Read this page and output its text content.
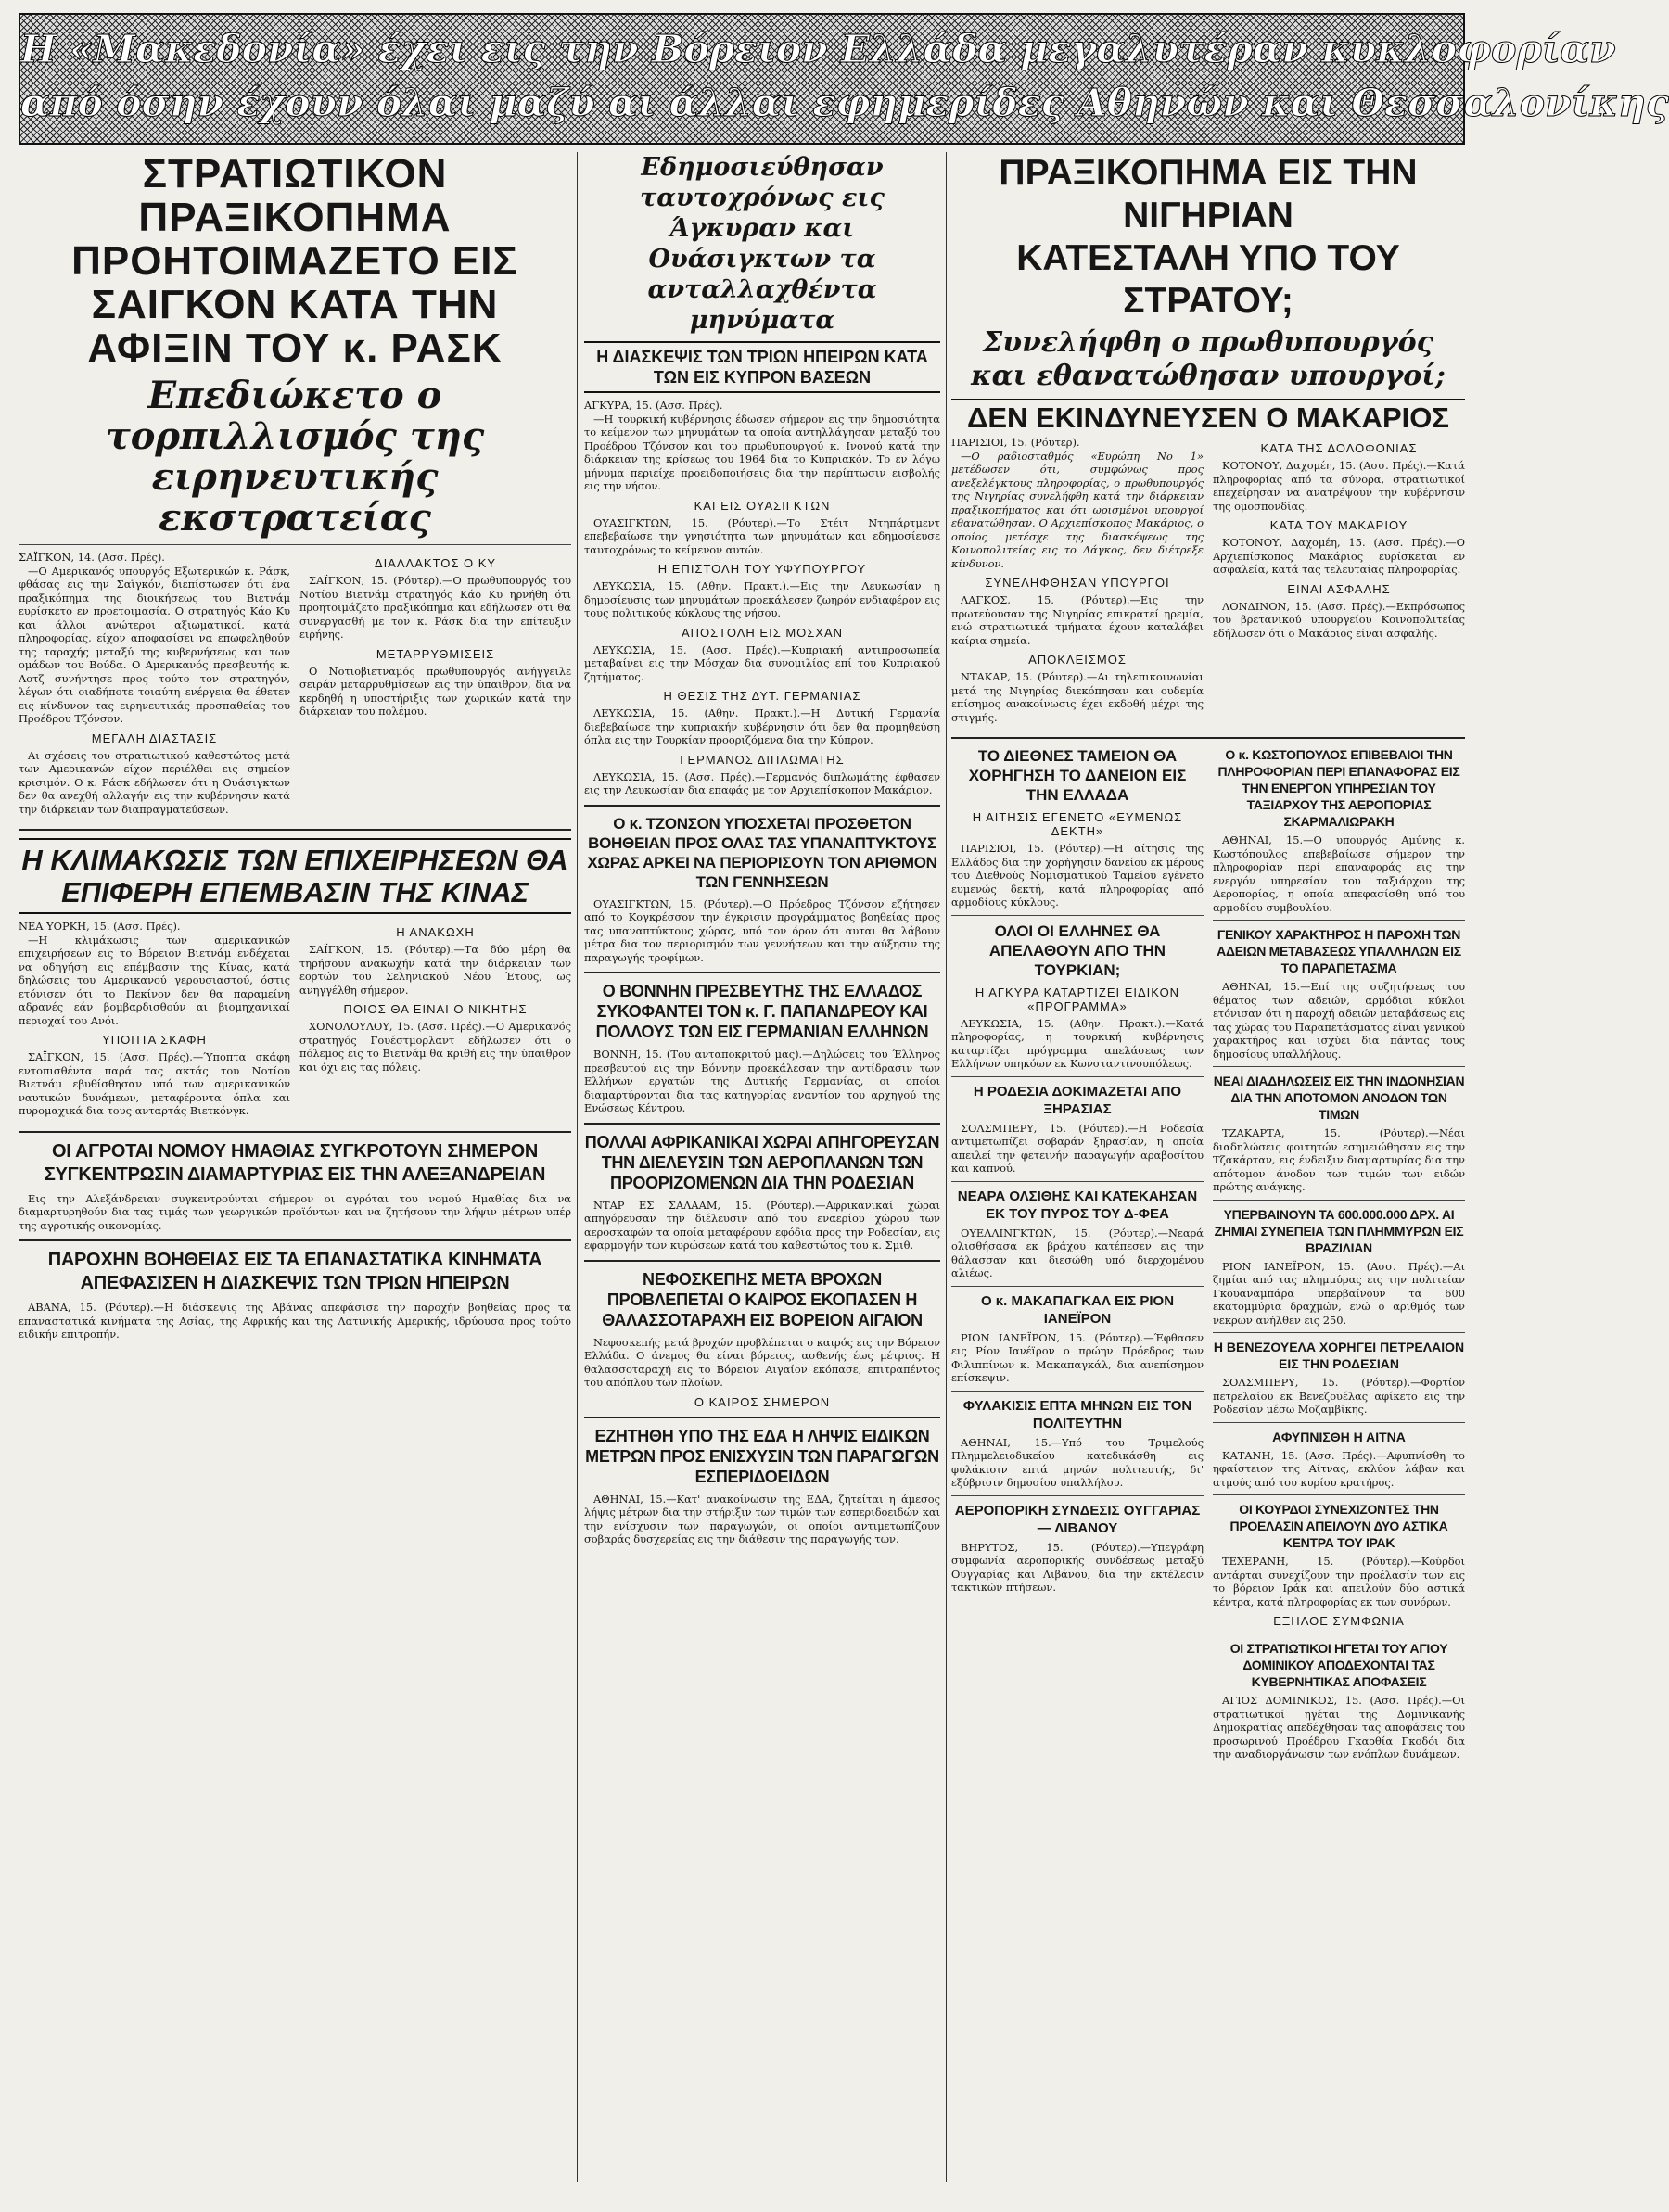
Η «Μακεδονία» έχει εις την Βόρειον Ελλάδα μεγαλυτέραν κυκλοφορίαν
από όσην έχουν όλαι μαζύ αι άλλαι εφημερίδες Αθηνών και Θεσσαλονίκης
ΣΤΡΑΤΙΩΤΙΚΟΝ ΠΡΑΞΙΚΟΠΗΜΑ ΠΡΟΗΤΟΙΜΑΖΕΤΟ ΕΙΣ ΣΑΙΓΚΟΝ ΚΑΤΑ ΤΗΝ ΑΦΙΞΙΝ ΤΟΥ κ. ΡΑΣΚ
Επεδιώκετο ο τορπιλλισμός της ειρηνευτικής εκστρατείας

ΣΑΪΓΚΟΝ, 14. (Ασσ. Πρές).

—Ο Αμερικανός υπουργός Εξωτερικών κ. Ράσκ, φθάσας εις την Σαϊγκόν, διεπίστωσεν ότι ένα πραξικόπημα της διοικήσεως του Βιετνάμ ευρίσκετο εν προετοιμασία. Ο στρατηγός Κάο Κυ και άλλοι ανώτεροι αξιωματικοί, κατά πληροφορίας, είχον αποφασίσει να επωφεληθούν της ταραχής μεταξύ της κυβερνήσεως και των ομάδων του Βούδα. Ο Αμερικανός πρεσβευτής κ. Λοτζ συνήντησε προς τούτο τον στρατηγόν, λέγων ότι οιαδήποτε τοιαύτη ενέργεια θα έθετεν εις κίνδυνον τας ειρηνευτικάς προσπαθείας του Προέδρου Τζόνσον.

ΜΕΓΑΛΗ ΔΙΑΣΤΑΣΙΣ

Αι σχέσεις του στρατιωτικού καθεστώτος μετά των Αμερικανών είχον περιέλθει εις σημείον κρισιμόν. Ο κ. Ράσκ εδήλωσεν ότι η Ουάσιγκτων δεν θα ανεχθή αλλαγήν εις την κυβέρνησιν κατά την διάρκειαν των διαπραγματεύσεων.

ΔΙΑΛΛΑΚΤΟΣ Ο ΚΥ

ΣΑΪΓΚΟΝ, 15. (Ρόυτερ).—Ο πρωθυπουργός του Νοτίου Βιετνάμ στρατηγός Κάο Κυ ηρνήθη ότι προητοιμάζετο πραξικόπημα και εδήλωσεν ότι θα συνεργασθή με τον κ. Ράσκ δια την επίτευξιν ειρήνης.

ΜΕΤΑΡΡΥΘΜΙΣΕΙΣ

Ο Νοτιοβιετναμός πρωθυπουργός ανήγγειλε σειράν μεταρρυθμίσεων εις την ύπαιθρον, δια να κερδηθή η υποστήριξις των χωρικών κατά την διάρκειαν του πολέμου.

Η ΚΛΙΜΑΚΩΣΙΣ ΤΩΝ ΕΠΙΧΕΙΡΗΣΕΩΝ ΘΑ ΕΠΙΦΕΡΗ ΕΠΕΜΒΑΣΙΝ ΤΗΣ ΚΙΝΑΣ

ΝΕΑ ΥΟΡΚΗ, 15. (Ασσ. Πρές).

—Η κλιμάκωσις των αμερικανικών επιχειρήσεων εις το Βόρειον Βιετνάμ ενδέχεται να οδηγήση εις επέμβασιν της Κίνας, κατά δηλώσεις του Αμερικανού γερουσιαστού, όστις ετόνισεν ότι το Πεκίνον δεν θα παραμείνη αδρανές εάν βομβαρδισθούν αι βιομηχανικαί περιοχαί του Ανόι.

ΥΠΟΠΤΑ ΣΚΑΦΗ

ΣΑΪΓΚΟΝ, 15. (Ασσ. Πρές).—Ύποπτα σκάφη εντοπισθέντα παρά τας ακτάς του Νοτίου Βιετνάμ εβυθίσθησαν υπό των αμερικανικών ναυτικών δυνάμεων, μεταφέροντα όπλα και πυρομαχικά δια τους ανταρτάς Βιετκόνγκ.

Η ΑΝΑΚΩΧΗ

ΣΑΪΓΚΟΝ, 15. (Ρόυτερ).—Τα δύο μέρη θα τηρήσουν ανακωχήν κατά την διάρκειαν των εορτών του Σεληνιακού Νέου Έτους, ως ανηγγέλθη σήμερον.

ΠΟΙΟΣ ΘΑ ΕΙΝΑΙ Ο ΝΙΚΗΤΗΣ

ΧΟΝΟΛΟΥΛΟΥ, 15. (Ασσ. Πρές).—Ο Αμερικανός στρατηγός Γουέστμορλαντ εδήλωσεν ότι ο πόλεμος εις το Βιετνάμ θα κριθή εις την ύπαιθρον και όχι εις τας πόλεις.

ΟΙ ΑΓΡΟΤΑΙ ΝΟΜΟΥ ΗΜΑΘΙΑΣ ΣΥΓΚΡΟΤΟΥΝ ΣΗΜΕΡΟΝ ΣΥΓΚΕΝΤΡΩΣΙΝ ΔΙΑΜΑΡΤΥΡΙΑΣ ΕΙΣ ΤΗΝ ΑΛΕΞΑΝΔΡΕΙΑΝ

Εις την Αλεξάνδρειαν συγκεντρούνται σήμερον οι αγρόται του νομού Ημαθίας δια να διαμαρτυρηθούν δια τας τιμάς των γεωργικών προϊόντων και να ζητήσουν την λήψιν μέτρων υπέρ της αγροτικής οικονομίας.

ΠΑΡΟΧΗΝ ΒΟΗΘΕΙΑΣ ΕΙΣ ΤΑ ΕΠΑΝΑΣΤΑΤΙΚΑ ΚΙΝΗΜΑΤΑ ΑΠΕΦΑΣΙΣΕΝ Η ΔΙΑΣΚΕΨΙΣ ΤΩΝ ΤΡΙΩΝ ΗΠΕΙΡΩΝ

ΑΒΑΝΑ, 15. (Ρόυτερ).—Η διάσκεψις της Αβάνας απεφάσισε την παροχήν βοηθείας προς τα επαναστατικά κινήματα της Ασίας, της Αφρικής και της Λατινικής Αμερικής, ιδρύουσα προς τούτο ειδικήν επιτροπήν.

Εδημοσιεύθησαν ταυτοχρόνως εις Άγκυραν και Ουάσιγκτων τα ανταλλαχθέντα μηνύματα
Η ΔΙΑΣΚΕΨΙΣ ΤΩΝ ΤΡΙΩΝ ΗΠΕΙΡΩΝ ΚΑΤΑ ΤΩΝ ΕΙΣ ΚΥΠΡΟΝ ΒΑΣΕΩΝ

ΑΓΚΥΡΑ, 15. (Ασσ. Πρές).

—Η τουρκική κυβέρνησις έδωσεν σήμερον εις την δημοσιότητα το κείμενον των μηνυμάτων τα οποία αντηλλάγησαν μεταξύ του Προέδρου Τζόνσον και του πρωθυπουργού κ. Ινονού κατά την διάρκειαν της κρίσεως του 1964 δια το Κυπριακόν. Το εν λόγω μήνυμα περιείχε προειδοποιήσεις δια την περίπτωσιν εισβολής εις την νήσον.

ΚΑΙ ΕΙΣ ΟΥΑΣΙΓΚΤΩΝ

ΟΥΑΣΙΓΚΤΩΝ, 15. (Ρόυτερ).—Το Στέιτ Ντηπάρτμεντ επεβεβαίωσε την γνησιότητα των μηνυμάτων και εδημοσίευσε ταυτοχρόνως το κείμενον αυτών.

Η ΕΠΙΣΤΟΛΗ ΤΟΥ ΥΦΥΠΟΥΡΓΟΥ

ΛΕΥΚΩΣΙΑ, 15. (Αθην. Πρακτ.).—Εις την Λευκωσίαν η δημοσίευσις των μηνυμάτων προεκάλεσεν ζωηρόν ενδιαφέρον εις τους πολιτικούς κύκλους της νήσου.

ΑΠΟΣΤΟΛΗ ΕΙΣ ΜΟΣΧΑΝ

ΛΕΥΚΩΣΙΑ, 15. (Ασσ. Πρές).—Κυπριακή αντιπροσωπεία μεταβαίνει εις την Μόσχαν δια συνομιλίας επί του Κυπριακού ζητήματος.

Η ΘΕΣΙΣ ΤΗΣ ΔΥΤ. ΓΕΡΜΑΝΙΑΣ

ΛΕΥΚΩΣΙΑ, 15. (Αθην. Πρακτ.).—Η Δυτική Γερμανία διεβεβαίωσε την κυπριακήν κυβέρνησιν ότι δεν θα προμηθεύση όπλα εις την Τουρκίαν προοριζόμενα δια την Κύπρον.

ΓΕΡΜΑΝΟΣ ΔΙΠΛΩΜΑΤΗΣ

ΛΕΥΚΩΣΙΑ, 15. (Ασσ. Πρές).—Γερμανός διπλωμάτης έφθασεν εις την Λευκωσίαν δια επαφάς με τον Αρχιεπίσκοπον Μακάριον.

Ο κ. ΤΖΟΝΣΟΝ ΥΠΟΣΧΕΤΑΙ ΠΡΟΣΘΕΤΟΝ ΒΟΗΘΕΙΑΝ ΠΡΟΣ ΟΛΑΣ ΤΑΣ ΥΠΑΝΑΠΤΥΚΤΟΥΣ ΧΩΡΑΣ ΑΡΚΕΙ ΝΑ ΠΕΡΙΟΡΙΣΟΥΝ ΤΟΝ ΑΡΙΘΜΟΝ ΤΩΝ ΓΕΝΝΗΣΕΩΝ

ΟΥΑΣΙΓΚΤΩΝ, 15. (Ρόυτερ).—Ο Πρόεδρος Τζόνσον εζήτησεν από το Κογκρέσσον την έγκρισιν προγράμματος βοηθείας προς τας υπαναπτύκτους χώρας, υπό τον όρον ότι αυται θα λάβουν μέτρα δια τον περιορισμόν των γεννήσεων και την αύξησιν της παραγωγής τροφίμων.

Ο ΒΟΝΝΗΝ ΠΡΕΣΒΕΥΤΗΣ ΤΗΣ ΕΛΛΑΔΟΣ ΣΥΚΟΦΑΝΤΕΙ ΤΟΝ κ. Γ. ΠΑΠΑΝΔΡΕΟΥ ΚΑΙ ΠΟΛΛΟΥΣ ΤΩΝ ΕΙΣ ΓΕΡΜΑΝΙΑΝ ΕΛΛΗΝΩΝ

ΒΟΝΝΗ, 15. (Του ανταποκριτού μας).—Δηλώσεις του Έλληνος πρεσβευτού εις την Βόννην προεκάλεσαν την αντίδρασιν των Ελλήνων εργατών της Δυτικής Γερμανίας, οι οποίοι διαμαρτύρονται δια τας κατηγορίας εναντίον του αρχηγού της Ενώσεως Κέντρου.

ΠΟΛΛΑΙ ΑΦΡΙΚΑΝΙΚΑΙ ΧΩΡΑΙ ΑΠΗΓΟΡΕΥΣΑΝ ΤΗΝ ΔΙΕΛΕΥΣΙΝ ΤΩΝ ΑΕΡΟΠΛΑΝΩΝ ΤΩΝ ΠΡΟΟΡΙΖΟΜΕΝΩΝ ΔΙΑ ΤΗΝ ΡΟΔΕΣΙΑΝ

ΝΤΑΡ ΕΣ ΣΑΛΑΑΜ, 15. (Ρόυτερ).—Αφρικανικαί χώραι απηγόρευσαν την διέλευσιν από του εναερίου χώρου των αεροσκαφών τα οποία μεταφέρουν εφόδια προς την Ροδεσίαν, εις εφαρμογήν των κυρώσεων κατά του καθεστώτος του κ. Σμιθ.

ΝΕΦΟΣΚΕΠΗΣ ΜΕΤΑ ΒΡΟΧΩΝ ΠΡΟΒΛΕΠΕΤΑΙ Ο ΚΑΙΡΟΣ ΕΚΟΠΑΣΕΝ Η ΘΑΛΑΣΣΟΤΑΡΑΧΗ ΕΙΣ ΒΟΡΕΙΟΝ ΑΙΓΑΙΟΝ

Νεφοσκεπής μετά βροχών προβλέπεται ο καιρός εις την Βόρειον Ελλάδα. Ο άνεμος θα είναι βόρειος, ασθενής έως μέτριος. Η θαλασσοταραχή εις το Βόρειον Αιγαίον εκόπασε, επιτραπέντος του απόπλου των πλοίων.

Ο ΚΑΙΡΟΣ ΣΗΜΕΡΟΝ

ΕΖΗΤΗΘΗ ΥΠΟ ΤΗΣ ΕΔΑ Η ΛΗΨΙΣ ΕΙΔΙΚΩΝ ΜΕΤΡΩΝ ΠΡΟΣ ΕΝΙΣΧΥΣΙΝ ΤΩΝ ΠΑΡΑΓΩΓΩΝ ΕΣΠΕΡΙΔΟΕΙΔΩΝ

ΑΘΗΝΑΙ, 15.—Κατ' ανακοίνωσιν της ΕΔΑ, ζητείται η άμεσος λήψις μέτρων δια την στήριξιν των τιμών των εσπεριδοειδών και την ενίσχυσιν των παραγωγών, οι οποίοι αντιμετωπίζουν σοβαράς δυσχερείας εις την διάθεσιν της παραγωγής των.

ΠΡΑΞΙΚΟΠΗΜΑ ΕΙΣ ΤΗΝ ΝΙΓΗΡΙΑΝ
ΚΑΤΕΣΤΑΛΗ ΥΠΟ ΤΟΥ ΣΤΡΑΤΟΥ;
Συνελήφθη ο πρωθυπουργός και εθανατώθησαν υπουργοί;
ΔΕΝ ΕΚΙΝΔΥΝΕΥΣΕΝ Ο ΜΑΚΑΡΙΟΣ

ΠΑΡΙΣΙΟΙ, 15. (Ρόυτερ).

—Ο ραδιοσταθμός «Ευρώπη Νο 1» μετέδωσεν ότι, συμφώνως προς ανεξελέγκτους πληροφορίας, ο πρωθυπουργός της Νιγηρίας συνελήφθη κατά την διάρκειαν πραξικοπήματος και ότι ωρισμένοι υπουργοί εθανατώθησαν. Ο Αρχιεπίσκοπος Μακάριος, ο οποίος μετέσχε της διασκέψεως της Κοινοπολιτείας εις το Λάγκος, δεν διέτρεξε κίνδυνον.

ΣΥΝΕΛΗΦΘΗΣΑΝ ΥΠΟΥΡΓΟΙ

ΛΑΓΚΟΣ, 15. (Ρόυτερ).—Εις την πρωτεύουσαν της Νιγηρίας επικρατεί ηρεμία, ενώ στρατιωτικά τμήματα έχουν καταλάβει καίρια σημεία.

ΑΠΟΚΛΕΙΣΜΟΣ

ΝΤΑΚΑΡ, 15. (Ρόυτερ).—Αι τηλεπικοινωνίαι μετά της Νιγηρίας διεκόπησαν και ουδεμία επίσημος ανακοίνωσις έχει εκδοθή μέχρι της στιγμής.

ΚΑΤΑ ΤΗΣ ΔΟΛΟΦΟΝΙΑΣ

ΚΟΤΟΝΟΥ, Δαχομέη, 15. (Ασσ. Πρές).—Κατά πληροφορίας από τα σύνορα, στρατιωτικοί επεχείρησαν να ανατρέψουν την κυβέρνησιν της ομοσπονδίας.

ΚΑΤΑ ΤΟΥ ΜΑΚΑΡΙΟΥ

ΚΟΤΟΝΟΥ, Δαχομέη, 15. (Ασσ. Πρές).—Ο Αρχιεπίσκοπος Μακάριος ευρίσκεται εν ασφαλεία, κατά τας τελευταίας πληροφορίας.

ΕΙΝΑΙ ΑΣΦΑΛΗΣ

ΛΟΝΔΙΝΟΝ, 15. (Ασσ. Πρές).—Εκπρόσωπος του βρετανικού υπουργείου Κοινοπολιτείας εδήλωσεν ότι ο Μακάριος είναι ασφαλής.

ΤΟ ΔΙΕΘΝΕΣ ΤΑΜΕΙΟΝ ΘΑ ΧΟΡΗΓΗΣΗ ΤΟ ΔΑΝΕΙΟΝ ΕΙΣ ΤΗΝ ΕΛΛΑΔΑ

Η ΑΙΤΗΣΙΣ ΕΓΕΝΕΤΟ «ΕΥΜΕΝΩΣ ΔΕΚΤΗ»

ΠΑΡΙΣΙΟΙ, 15. (Ρόυτερ).—Η αίτησις της Ελλάδος δια την χορήγησιν δανείου εκ μέρους του Διεθνούς Νομισματικού Ταμείου εγένετο ευμενώς δεκτή, κατά πληροφορίας από αρμοδίους κύκλους.

ΟΛΟΙ ΟΙ ΕΛΛΗΝΕΣ ΘΑ ΑΠΕΛΑΘΟΥΝ ΑΠΟ ΤΗΝ ΤΟΥΡΚΙΑΝ;

Η ΑΓΚΥΡΑ ΚΑΤΑΡΤΙΖΕΙ ΕΙΔΙΚΟΝ «ΠΡΟΓΡΑΜΜΑ»

ΛΕΥΚΩΣΙΑ, 15. (Αθην. Πρακτ.).—Κατά πληροφορίας, η τουρκική κυβέρνησις καταρτίζει πρόγραμμα απελάσεως των Ελλήνων υπηκόων εκ Κωνσταντινουπόλεως.

Η ΡΟΔΕΣΙΑ ΔΟΚΙΜΑΖΕΤΑΙ ΑΠΟ ΞΗΡΑΣΙΑΣ

ΣΟΛΣΜΠΕΡΥ, 15. (Ρόυτερ).—Η Ροδεσία αντιμετωπίζει σοβαράν ξηρασίαν, η οποία απειλεί την φετεινήν παραγωγήν αραβοσίτου και καπνού.

ΝΕΑΡΑ ΟΛΣΙΘΗΣ ΚΑΙ ΚΑΤΕΚΑΗΣΑΝ ΕΚ ΤΟΥ ΠΥΡΟΣ ΤΟΥ Δ-ΦΕΑ

ΟΥΕΛΛΙΝΓΚΤΩΝ, 15. (Ρόυτερ).—Νεαρά ολισθήσασα εκ βράχου κατέπεσεν εις την θάλασσαν και διεσώθη υπό διερχομένου αλιέως.

Ο κ. ΜΑΚΑΠΑΓΚΑΛ ΕΙΣ ΡΙΟΝ ΙΑΝΕΪΡΟΝ

ΡΙΟΝ ΙΑΝΕΪΡΟΝ, 15. (Ρόυτερ).—Έφθασεν εις Ρίον Ιανέϊρον ο πρώην Πρόεδρος των Φιλιππίνων κ. Μακαπαγκάλ, δια ανεπίσημον επίσκεψιν.

ΦΥΛΑΚΙΣΙΣ ΕΠΤΑ ΜΗΝΩΝ ΕΙΣ ΤΟΝ ΠΟΛΙΤΕΥΤΗΝ

ΑΘΗΝΑΙ, 15.—Υπό του Τριμελούς Πλημμελειοδικείου κατεδικάσθη εις φυλάκισιν επτά μηνών πολιτευτής, δι' εξύβρισιν δημοσίου υπαλλήλου.

ΑΕΡΟΠΟΡΙΚΗ ΣΥΝΔΕΣΙΣ ΟΥΓΓΑΡΙΑΣ — ΛΙΒΑΝΟΥ

ΒΗΡΥΤΟΣ, 15. (Ρόυτερ).—Υπεγράφη συμφωνία αεροπορικής συνδέσεως μεταξύ Ουγγαρίας και Λιβάνου, δια την εκτέλεσιν τακτικών πτήσεων.

Ο κ. ΚΩΣΤΟΠΟΥΛΟΣ ΕΠΙΒΕΒΑΙΟΙ ΤΗΝ ΠΛΗΡΟΦΟΡΙΑΝ ΠΕΡΙ ΕΠΑΝΑΦΟΡΑΣ ΕΙΣ ΤΗΝ ΕΝΕΡΓΟΝ ΥΠΗΡΕΣΙΑΝ ΤΟΥ ΤΑΞΙΑΡΧΟΥ ΤΗΣ ΑΕΡΟΠΟΡΙΑΣ ΣΚΑΡΜΑΛΙΩΡΑΚΗ

ΑΘΗΝΑΙ, 15.—Ο υπουργός Αμύνης κ. Κωστόπουλος επεβεβαίωσε σήμερον την πληροφορίαν περί επαναφοράς εις την ενεργόν υπηρεσίαν του ταξιάρχου της Αεροπορίας, η οποία απεφασίσθη υπό του αρμοδίου συμβουλίου.

ΓΕΝΙΚΟΥ ΧΑΡΑΚΤΗΡΟΣ Η ΠΑΡΟΧΗ ΤΩΝ ΑΔΕΙΩΝ ΜΕΤΑΒΑΣΕΩΣ ΥΠΑΛΛΗΛΩΝ ΕΙΣ ΤΟ ΠΑΡΑΠΕΤΑΣΜΑ

ΑΘΗΝΑΙ, 15.—Επί της συζητήσεως του θέματος των αδειών, αρμόδιοι κύκλοι ετόνισαν ότι η παροχή αδειών μεταβάσεως εις τας χώρας του Παραπετάσματος είναι γενικού χαρακτήρος και ισχύει δια πάντας τους δημοσίους υπαλλήλους.

ΝΕΑΙ ΔΙΑΔΗΛΩΣΕΙΣ ΕΙΣ ΤΗΝ ΙΝΔΟΝΗΣΙΑΝ ΔΙΑ ΤΗΝ ΑΠΟΤΟΜΟΝ ΑΝΟΔΟΝ ΤΩΝ ΤΙΜΩΝ

ΤΖΑΚΑΡΤΑ, 15. (Ρόυτερ).—Νέαι διαδηλώσεις φοιτητών εσημειώθησαν εις την Τζακάρταν, εις ένδειξιν διαμαρτυρίας δια την απότομον άνοδον των τιμών των ειδών πρώτης ανάγκης.

ΥΠΕΡΒΑΙΝΟΥΝ ΤΑ 600.000.000 ΔΡΧ. ΑΙ ΖΗΜΙΑΙ ΣΥΝΕΠΕΙΑ ΤΩΝ ΠΛΗΜΜΥΡΩΝ ΕΙΣ ΒΡΑΖΙΛΙΑΝ

ΡΙΟΝ ΙΑΝΕΪΡΟΝ, 15. (Ασσ. Πρές).—Αι ζημίαι από τας πλημμύρας εις την πολιτείαν Γκουαναμπάρα υπερβαίνουν τα 600 εκατομμύρια δραχμών, ενώ ο αριθμός των νεκρών ανήλθεν εις 250.

Η ΒΕΝΕΖΟΥΕΛΑ ΧΟΡΗΓΕΙ ΠΕΤΡΕΛΑΙΟΝ ΕΙΣ ΤΗΝ ΡΟΔΕΣΙΑΝ

ΣΟΛΣΜΠΕΡΥ, 15. (Ρόυτερ).—Φορτίον πετρελαίου εκ Βενεζουέλας αφίκετο εις την Ροδεσίαν μέσω Μοζαμβίκης.

ΑΦΥΠΝΙΣΘΗ Η ΑΙΤΝΑ

ΚΑΤΑΝΗ, 15. (Ασσ. Πρές).—Αφυπνίσθη το ηφαίστειον της Αίτνας, εκλύον λάβαν και ατμούς από του κυρίου κρατήρος.

ΟΙ ΚΟΥΡΔΟΙ ΣΥΝΕΧΙΖΟΝΤΕΣ ΤΗΝ ΠΡΟΕΛΑΣΙΝ ΑΠΕΙΛΟΥΝ ΔΥΟ ΑΣΤΙΚΑ ΚΕΝΤΡΑ ΤΟΥ ΙΡΑΚ

ΤΕΧΕΡΑΝΗ, 15. (Ρόυτερ).—Κούρδοι αντάρται συνεχίζουν την προέλασίν των εις το βόρειον Ιράκ και απειλούν δύο αστικά κέντρα, κατά πληροφορίας εκ των συνόρων.

ΕΞΗΛΘΕ ΣΥΜΦΩΝΙΑ

ΟΙ ΣΤΡΑΤΙΩΤΙΚΟΙ ΗΓΕΤΑΙ ΤΟΥ ΑΓΙΟΥ ΔΟΜΙΝΙΚΟΥ ΑΠΟΔΕΧΟΝΤΑΙ ΤΑΣ ΚΥΒΕΡΝΗΤΙΚΑΣ ΑΠΟΦΑΣΕΙΣ

ΑΓΙΟΣ ΔΟΜΙΝΙΚΟΣ, 15. (Ασσ. Πρές).—Οι στρατιωτικοί ηγέται της Δομινικανής Δημοκρατίας απεδέχθησαν τας αποφάσεις του προσωρινού Προέδρου Γκαρθία Γκοδόι δια την αναδιοργάνωσιν των ενόπλων δυνάμεων.
